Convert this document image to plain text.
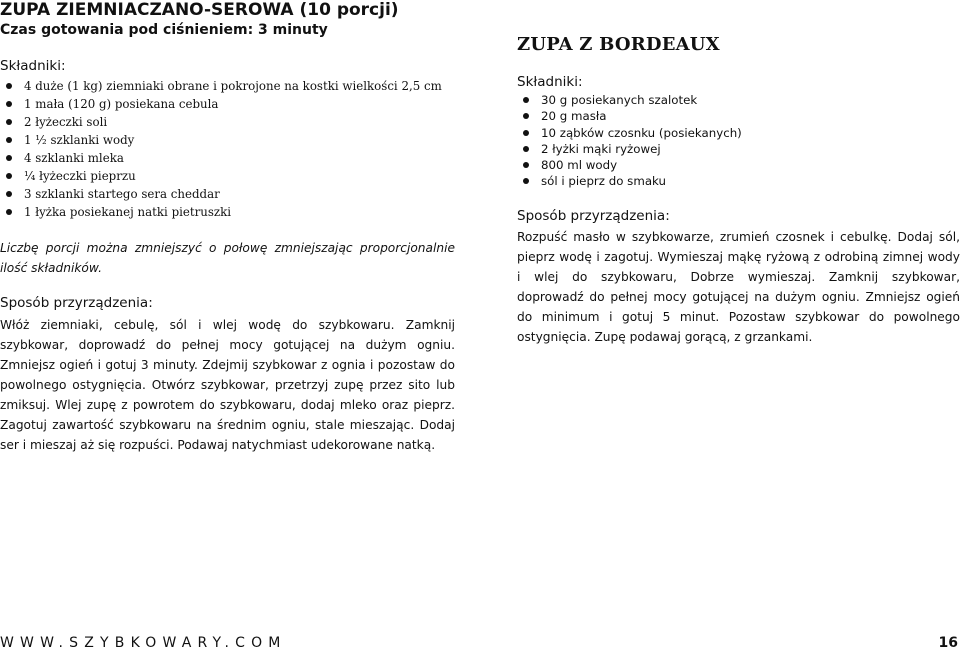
ZUPA ZIEMNIACZANO-SEROWA (10 porcji)

Czas gotowania pod ciśnieniem: 3 minuty

Składniki:

4 duże (1 kg) ziemniaki obrane i pokrojone na kostki wielkości 2,5 cm
1 mała (120 g) posiekana cebula
2 łyżeczki soli
1 ½ szklanki wody
4 szklanki mleka
¼ łyżeczki pieprzu
3 szklanki startego sera cheddar
1 łyżka posiekanej natki pietruszki

Liczbę porcji można zmniejszyć o połowę zmniejszając proporcjonalnie ilość składników.

Sposób przyrządzenia:

Włóż ziemniaki, cebulę, sól i wlej wodę do szybkowaru. Zamknij szybkowar, doprowadź do pełnej mocy gotującej na dużym ogniu. Zmniejsz ogień i gotuj 3 minuty. Zdejmij szybkowar z ognia i pozostaw do powolnego ostygnięcia. Otwórz szybkowar, przetrzyj zupę przez sito lub zmiksuj. Wlej zupę z powrotem do szybkowaru, dodaj mleko oraz pieprz. Zagotuj zawartość szybkowaru na średnim ogniu, stale mieszając. Dodaj ser i mieszaj aż się rozpuści. Podawaj natychmiast udekorowane natką.

ZUPA Z BORDEAUX

Składniki:

30 g posiekanych szalotek
20 g masła
10 ząbków czosnku (posiekanych)
2 łyżki mąki ryżowej
800 ml wody
sól i pieprz do smaku

Sposób przyrządzenia:

Rozpuść masło w szybkowarze, zrumień czosnek i cebulkę. Dodaj sól, pieprz wodę i zagotuj. Wymieszaj mąkę ryżową z odrobiną zimnej wody i wlej do szybkowaru, Dobrze wymieszaj. Zamknij szybkowar, doprowadź do pełnej mocy gotującej na dużym ogniu. Zmniejsz ogień do minimum i gotuj 5 minut. Pozostaw szybkowar do powolnego ostygnięcia. Zupę podawaj gorącą, z grzankami.

WWW.SZYBKOWARY.COM	16
